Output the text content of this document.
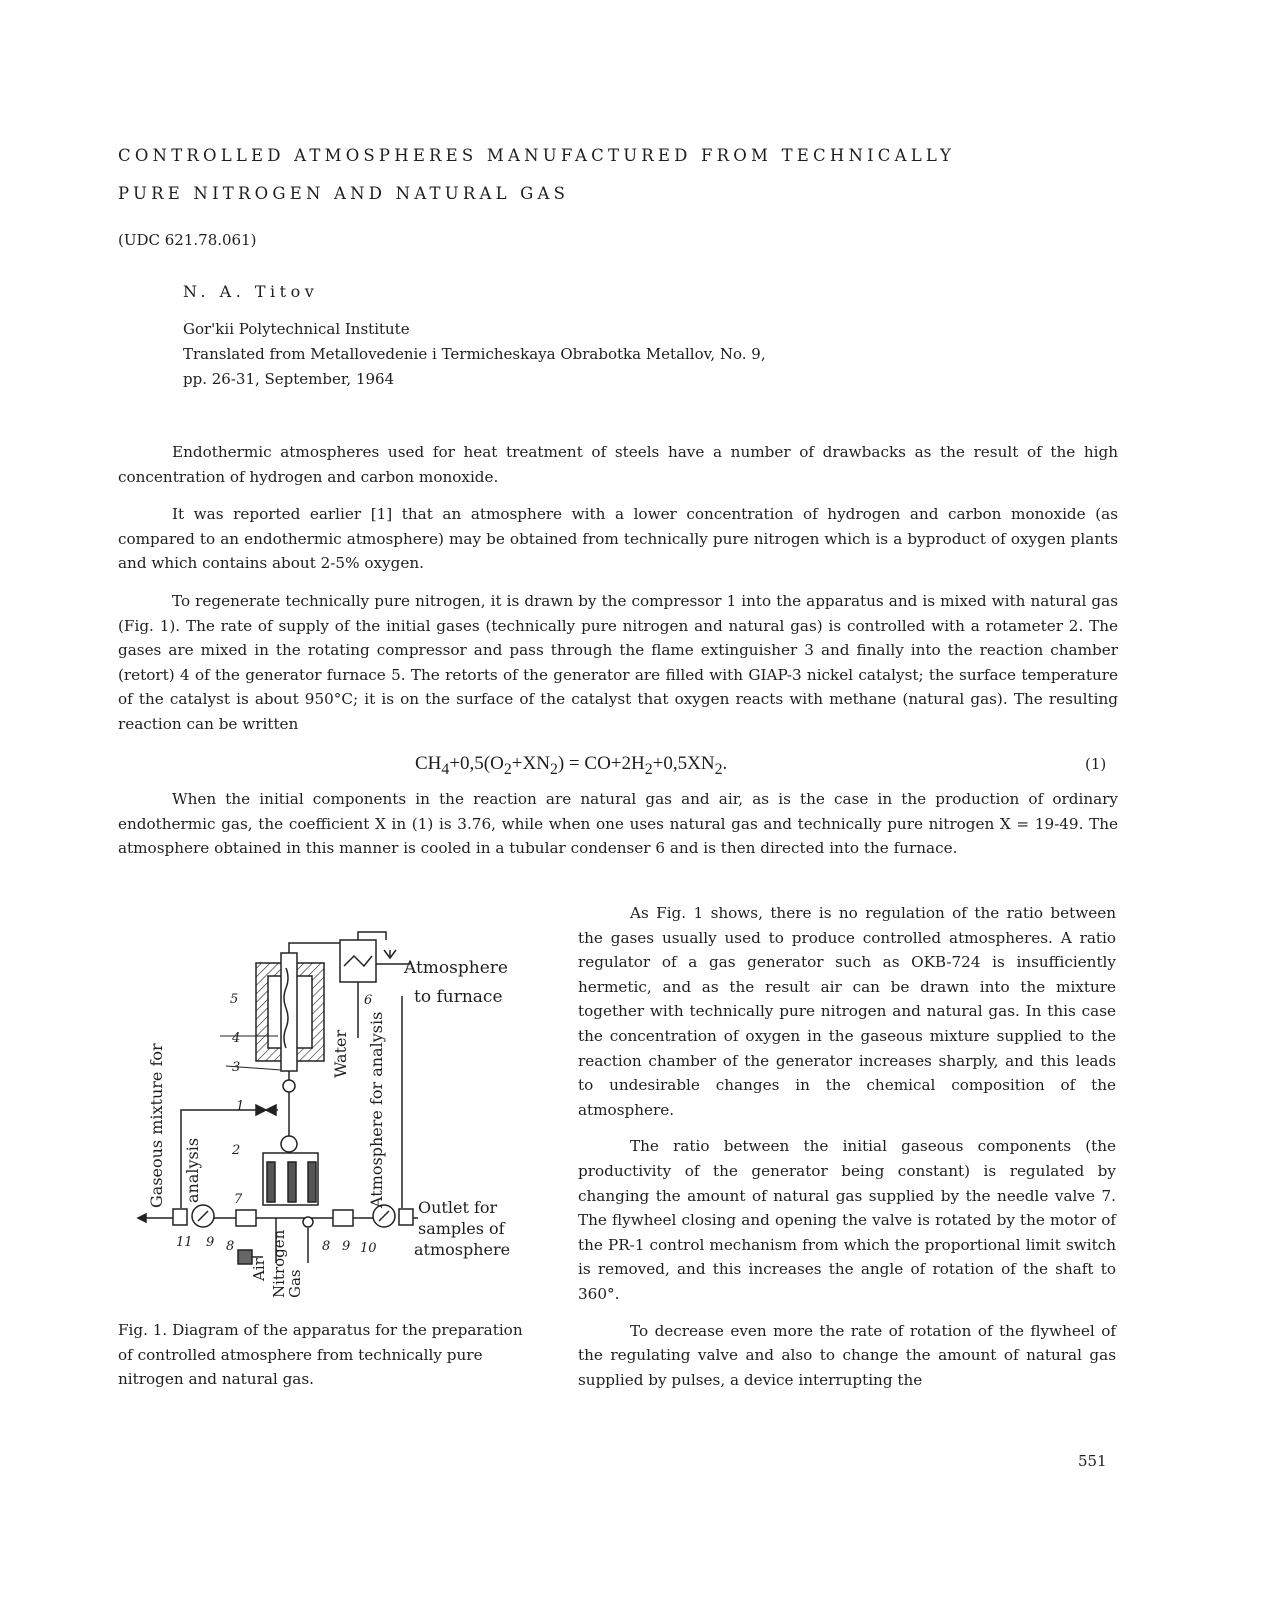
CONTROLLED ATMOSPHERES MANUFACTURED FROM TECHNICALLY
PURE NITROGEN AND NATURAL GAS
(UDC 621.78.061)
N. A. Titov
Gor'kii Polytechnical Institute
Translated from Metallovedenie i Termicheskaya Obrabotka Metallov, No. 9,
pp. 26-31, September, 1964

Endothermic atmospheres used for heat treatment of steels have a number of drawbacks as the result of the high concentration of hydrogen and carbon monoxide.

It was reported earlier [1] that an atmosphere with a lower concentration of hydrogen and carbon monoxide (as compared to an endothermic atmosphere) may be obtained from technically pure nitrogen which is a byproduct of oxygen plants and which contains about 2-5% oxygen.

To regenerate technically pure nitrogen, it is drawn by the compressor 1 into the apparatus and is mixed with natural gas (Fig. 1). The rate of supply of the initial gases (technically pure nitrogen and natural gas) is controlled with a rotameter 2. The gases are mixed in the rotating compressor and pass through the flame extinguisher 3 and finally into the reaction chamber (retort) 4 of the generator furnace 5. The retorts of the generator are filled with GIAP-3 nickel catalyst; the surface temperature of the catalyst is about 950°C; it is on the surface of the catalyst that oxygen reacts with methane (natural gas). The resulting reaction can be written

$CH_4+0,5(O_2+XN_2) = CO+2H_2+0,5XN_2$.	(1)

When the initial components in the reaction are natural gas and air, as is the case in the production of ordinary endothermic gas, the coefficient X in (1) is 3.76, while when one uses natural gas and technically pure nitrogen X = 19-49. The atmosphere obtained in this manner is cooled in a tubular condenser 6 and is then directed into the furnace.

Atmosphere
to furnace
Outlet for
samples of
atmosphere
Water Atmosphere for analysis
Gaseous mixture for analysis
Air Nitrogen
Gas
1
2
3
4
5	6
7
11 9 8	8 9 10
Fig. 1. Diagram of the apparatus for the preparation of controlled atmosphere from technically pure nitrogen and natural gas.

As Fig. 1 shows, there is no regulation of the ratio between the gases usually used to produce controlled atmospheres. A ratio regulator of a gas generator such as OKB-724 is insufficiently hermetic, and as the result air can be drawn into the mixture together with technically pure nitrogen and natural gas. In this case the concentration of oxygen in the gaseous mixture supplied to the reaction chamber of the generator increases sharply, and this leads to undesirable changes in the chemical composition of the atmosphere.

The ratio between the initial gaseous components (the productivity of the generator being constant) is regulated by changing the amount of natural gas supplied by the needle valve 7. The flywheel closing and opening the valve is rotated by the motor of the PR-1 control mechanism from which the proportional limit switch is removed, and this increases the angle of rotation of the shaft to 360°.

To decrease even more the rate of rotation of the flywheel of the regulating valve and also to change the amount of natural gas supplied by pulses, a device interrupting the

551
